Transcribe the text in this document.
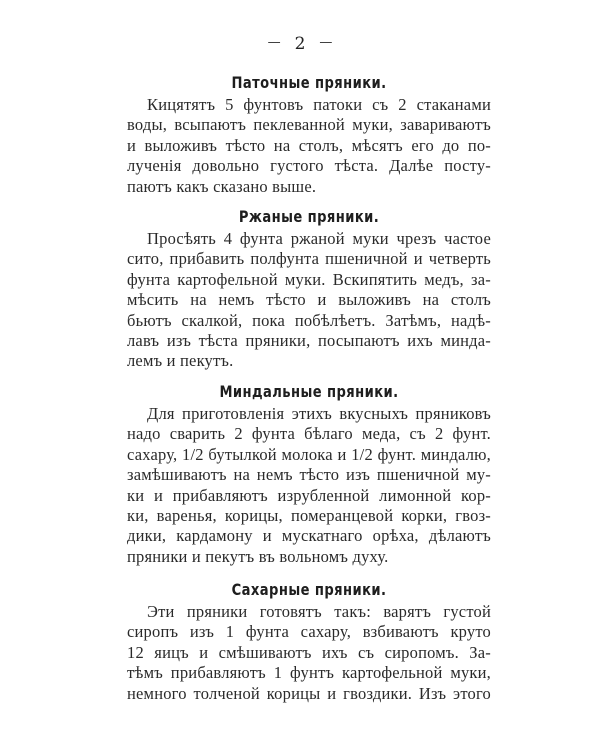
— 2 —
Паточные пряники.
Кицятятъ 5 фунтовъ патоки съ 2 стаканами
воды, всыпаютъ пеклеванной муки, завариваютъ
и выложивъ тѣсто на столъ, мѣсятъ его до по-
лученія довольно густого тѣста. Далѣе посту-
паютъ какъ сказано выше.
Ржаные пряники.
Просѣять 4 фунта ржаной муки чрезъ частое
сито, прибавить полфунта пшеничной и четверть
фунта картофельной муки. Вскипятить медъ, за-
мѣсить на немъ тѣсто и выложивъ на столъ
бьютъ скалкой, пока побѣлѣетъ. Затѣмъ, надѣ-
лавъ изъ тѣста пряники, посыпаютъ ихъ минда-
лемъ и пекутъ.
Миндальные пряники.
Для приготовленія этихъ вкусныхъ пряниковъ
надо сварить 2 фунта бѣлаго меда, съ 2 фунт.
сахару, 1/2 бутылкой молока и 1/2 фунт. миндалю,
замѣшиваютъ на немъ тѣсто изъ пшеничной му-
ки и прибавляютъ изрубленной лимонной кор-
ки, варенья, корицы, померанцевой корки, гвоз-
дики, кардамону и мускатнаго орѣха, дѣлаютъ
пряники и пекутъ въ вольномъ духу.
Сахарные пряники.
Эти пряники готовятъ такъ: варятъ густой
сиропъ изъ 1 фунта сахару, взбиваютъ круто
12 яицъ и смѣшиваютъ ихъ съ сиропомъ. За-
тѣмъ прибавляютъ 1 фунтъ картофельной муки,
немного толченой корицы и гвоздики. Изъ этого
